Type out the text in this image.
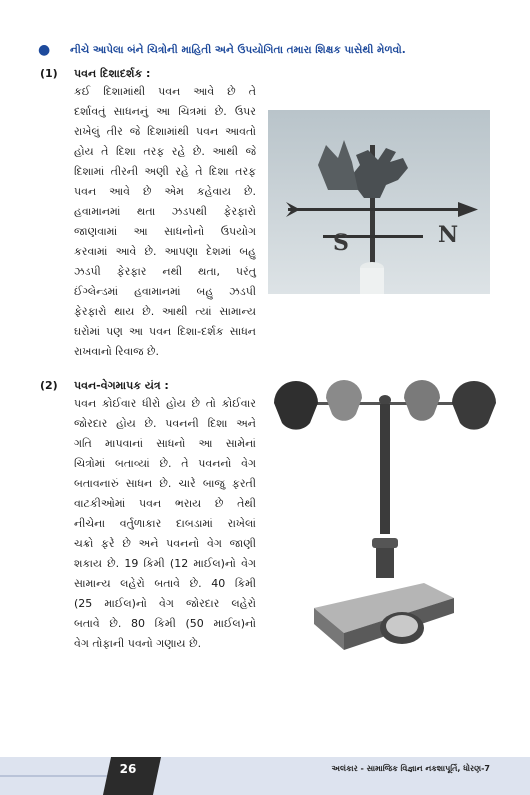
● નીચે આપેલા બંને ચિત્રોની માહિતી અને ઉપયોગિતા તમારા શિક્ષક પાસેથી મેળવો.
(1) પવન દિશાદર્શક :
કઈ દિશામાંથી પવન આવે છે તે
દર્શાવતું સાધનનું આ ચિત્રમાં છે. ઉપર
રાખેલું તીર જે દિશામાંથી પવન આવતો
હોય તે દિશા તરફ રહે છે. આથી જે
દિશામાં તીરની અણી રહે તે દિશા તરફ
પવન આવે છે એમ કહેવાય છે.
હવામાનમાં થતા ઝડપથી ફેરફારો
જાણવામાં આ સાધનોનો ઉપયોગ
કરવામાં આવે છે. આપણા દેશમાં બહુ
ઝડપી ફેરફાર નથી થતા, પરંતુ
ઈંગ્લેન્ડમાં હવામાનમાં બહુ ઝડપી
ફેરફારો થાય છે. આથી ત્યાં સામાન્ય
ઘરોમાં પણ આ પવન દિશા-દર્શક સાધન
રાખવાનો રિવાજ છે.
S	N
(2) પવન-વેગમાપક યંત્ર :
પવન કોઈવાર ધીરો હોય છે તો કોઈવાર
જોરદાર હોય છે. પવનની દિશા અને
ગતિ માપવાનાં સાધનો આ સામેનાં
ચિત્રોમાં બતાવ્યાં છે. તે પવનનો વેગ
બતાવનારું સાધન છે. ચારે બાજુ ફરતી
વાટકીઓમાં પવન ભરાય છે તેથી
નીચેના વર્તુળાકાર દાબડામાં રાખેલાં
ચક્રો ફરે છે અને પવનનો વેગ જાણી
શકાય છે. 19 કિમી (12 માઈલ)નો વેગ
સામાન્ય લહેરો બતાવે છે. 40 કિમી
(25 માઈલ)નો વેગ જોરદાર લહેરો
બતાવે છે. 80 કિમી (50 માઈલ)નો
વેગ તોફાની પવનો ગણાય છે.
26	અલંકાર - સામાજિક વિજ્ઞાન નકશાપૂર્તિ, ધોરણ-7
